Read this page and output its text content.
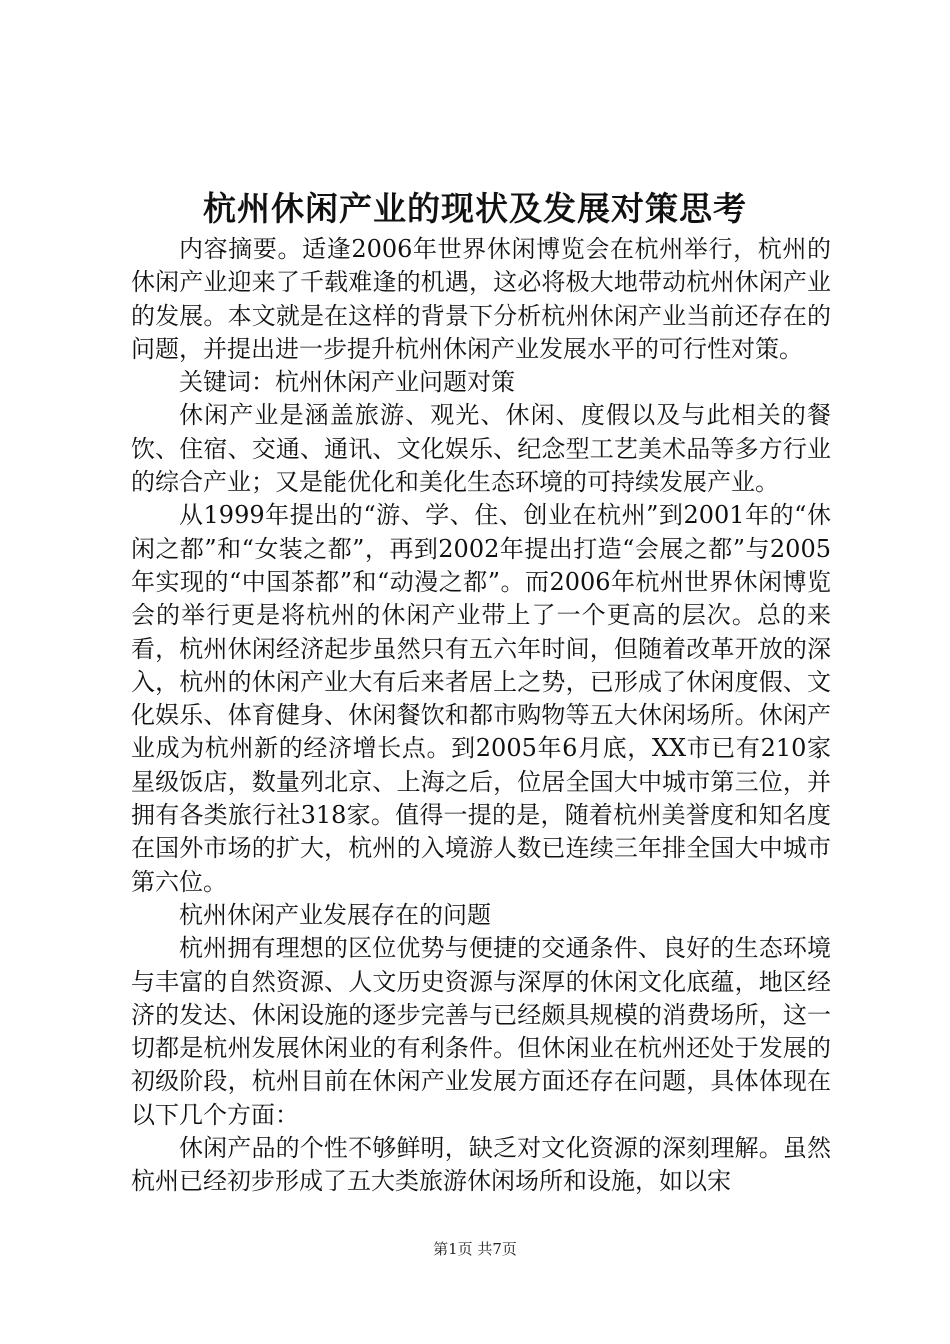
杭州休闲产业的现状及发展对策思考

内容摘要。适逢2006年世界休闲博览会在杭州举行，杭州的休闲产业迎来了千载难逢的机遇，这必将极大地带动杭州休闲产业的发展。本文就是在这样的背景下分析杭州休闲产业当前还存在的问题，并提出进一步提升杭州休闲产业发展水平的可行性对策。

关键词：杭州休闲产业问题对策

休闲产业是涵盖旅游、观光、休闲、度假以及与此相关的餐饮、住宿、交通、通讯、文化娱乐、纪念型工艺美术品等多方行业的综合产业；又是能优化和美化生态环境的可持续发展产业。

从1999年提出的“游、学、住、创业在杭州”到2001年的“休闲之都”和“女装之都”，再到2002年提出打造“会展之都”与2005年实现的“中国茶都”和“动漫之都”。而2006年杭州世界休闲博览会的举行更是将杭州的休闲产业带上了一个更高的层次。总的来看，杭州休闲经济起步虽然只有五六年时间，但随着改革开放的深入，杭州的休闲产业大有后来者居上之势，已形成了休闲度假、文化娱乐、体育健身、休闲餐饮和都市购物等五大休闲场所。休闲产业成为杭州新的经济增长点。到2005年6月底，XX市已有210家星级饭店，数量列北京、上海之后，位居全国大中城市第三位，并拥有各类旅行社318家。值得一提的是，随着杭州美誉度和知名度在国外市场的扩大，杭州的入境游人数已连续三年排全国大中城市第六位。

杭州休闲产业发展存在的问题

杭州拥有理想的区位优势与便捷的交通条件、良好的生态环境与丰富的自然资源、人文历史资源与深厚的休闲文化底蕴，地区经济的发达、休闲设施的逐步完善与已经颇具规模的消费场所，这一切都是杭州发展休闲业的有利条件。但休闲业在杭州还处于发展的初级阶段，杭州目前在休闲产业发展方面还存在问题，具体体现在以下几个方面：

休闲产品的个性不够鲜明，缺乏对文化资源的深刻理解。虽然杭州已经初步形成了五大类旅游休闲场所和设施，如以宋

第1页 共7页
